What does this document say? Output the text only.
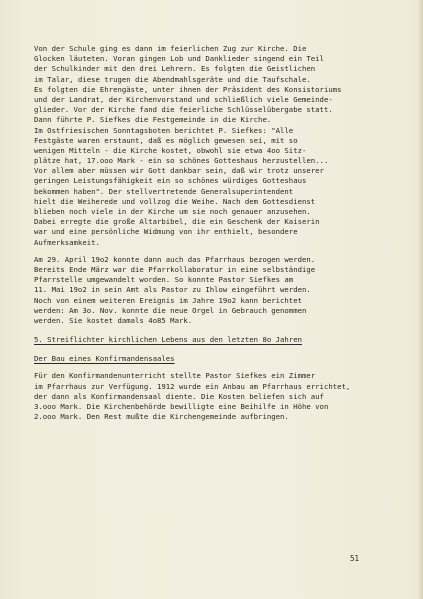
Von der Schule ging es dann im feierlichen Zug zur Kirche. Die
Glocken läuteten. Voran gingen Lob und Danklieder singend ein Teil
der Schulkinder mit den drei Lehrern. Es folgten die Geistlichen
im Talar, diese trugen die Abendmahlsgeräte und die Taufschale.
Es folgten die Ehrengäste, unter ihnen der Präsident des Konsistoriums
und der Landrat, der Kirchenvorstand und schließlich viele Gemeinde-
glieder. Vor der Kirche fand die feierliche Schlüsselübergabe statt.
Dann führte P. Siefkes die Festgemeinde in die Kirche.
Im Ostfriesischen Sonntagsboten berichtet P. Siefkes: "Alle
Festgäste waren erstaunt, daß es möglich gewesen sei, mit so
wenigen Mitteln - die Kirche kostet, obwohl sie etwa 4oo Sitz-
plätze hat, 17.ooo Mark - ein so schönes Gotteshaus herzustellen...
Vor allem aber müssen wir Gott dankbar sein, daß wir trotz unserer
geringen Leistungsfähigkeit ein so schönes würdiges Gotteshaus
bekommen haben". Der stellvertretende Generalsuperintendent
hielt die Weiherede und vollzog die Weihe. Nach dem Gottesdienst
blieben noch viele in der Kirche um sie noch genauer anzusehen.
Dabei erregte die große Altarbibel, die ein Geschenk der Kaiserin
war und eine persönliche Widmung von ihr enthielt, besondere
Aufmerksamkeit.
Am 29. April 19o2 konnte dann auch das Pfarrhaus bezogen werden.
Bereits Ende März war die Pfarrkollaboratur in eine selbständige
Pfarrstelle umgewandelt worden. So konnte Pastor Siefkes am
11. Mai 19o2 in sein Amt als Pastor zu Ihlow eingeführt werden.
Noch von einem weiteren Ereignis im Jahre 19o2 kann berichtet
werden: Am 3o. Nov. konnte die neue Orgel in Gebrauch genommen
werden. Sie kostet damals 4o85 Mark.
5. Streiflichter kirchlichen Lebens aus den letzten 8o Jahren
Der Bau eines Konfirmandensaales
Für den Konfirmandenunterricht stellte Pastor Siefkes ein Zimmer
im Pfarrhaus zur Verfügung. 1912 wurde ein Anbau am Pfarrhaus errichtet,
der dann als Konfirmandensaal diente. Die Kosten beliefen sich auf
3.ooo Mark. Die Kirchenbehörde bewilligte eine Beihilfe in Höhe von
2.ooo Mark. Den Rest mußte die Kirchengemeinde aufbringen.
51
